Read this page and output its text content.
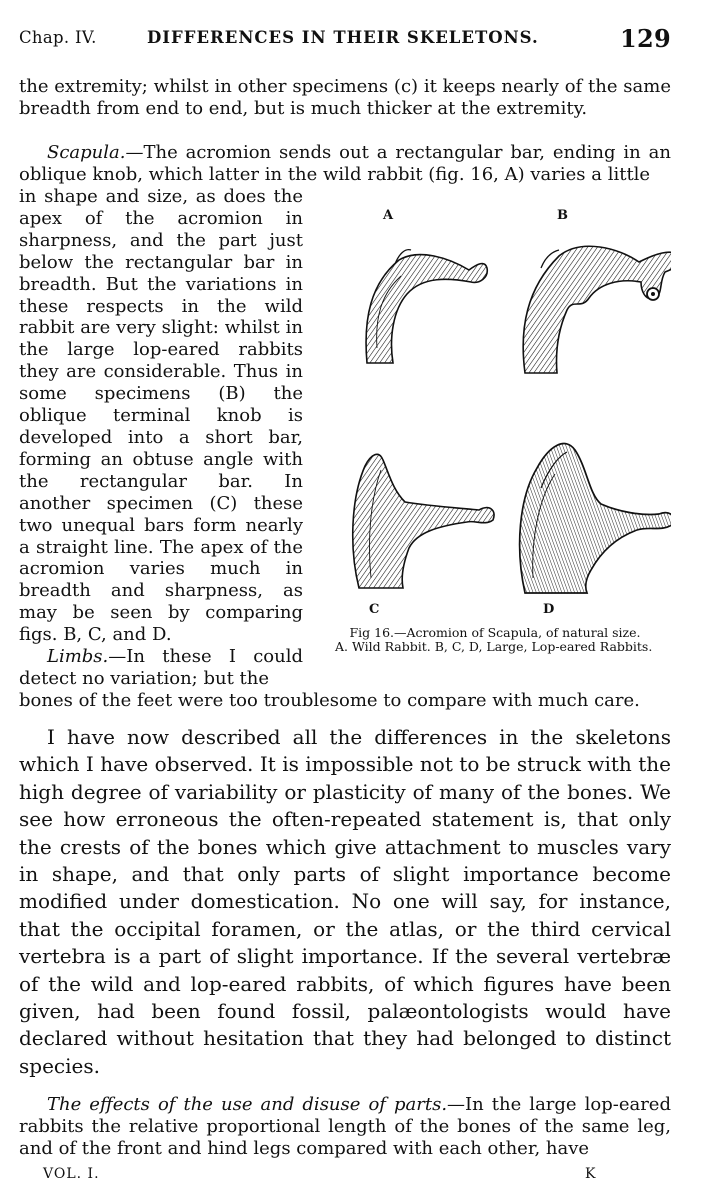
Chap. IV.	DIFFERENCES IN THEIR SKELETONS.	129
the extremity; whilst in other specimens (c) it keeps nearly of the same breadth from end to end, but is much thicker at the extremity.
Scapula.—The acromion sends out a rectangular bar, ending in an oblique knob, which latter in the wild rabbit (fig. 16, A) varies a little

in shape and size, as does the apex of the acromion in sharpness, and the part just below the rectangular bar in breadth. But the variations in these respects in the wild rabbit are very slight: whilst in the large lop-eared rabbits they are considerable. Thus in some specimens (B) the oblique terminal knob is developed into a short bar, forming an obtuse angle with the rectangular bar. In another specimen (C) these two unequal bars form nearly a straight line. The apex of the acromion varies much in breadth and sharpness, as may be seen by comparing figs. B, C, and D.

Limbs.—In these I could detect no variation; but the

bones of the feet were too troublesome to compare with much care.
A	B
C	D
Fig 16.—Acromion of Scapula, of natural size.
A. Wild Rabbit. B, C, D, Large, Lop-eared Rabbits.
I have now described all the differences in the skeletons which I have observed. It is impossible not to be struck with the high degree of variability or plasticity of many of the bones. We see how erroneous the often-repeated statement is, that only the crests of the bones which give attachment to muscles vary in shape, and that only parts of slight importance become modified under domestication. No one will say, for instance, that the occipital foramen, or the atlas, or the third cervical vertebra is a part of slight importance. If the several vertebræ of the wild and lop-eared rabbits, of which figures have been given, had been found fossil, palæontologists would have declared without hesitation that they had belonged to distinct species.
The effects of the use and disuse of parts.—In the large lop-eared rabbits the relative proportional length of the bones of the same leg, and of the front and hind legs compared with each other, have
VOL. I.	K
